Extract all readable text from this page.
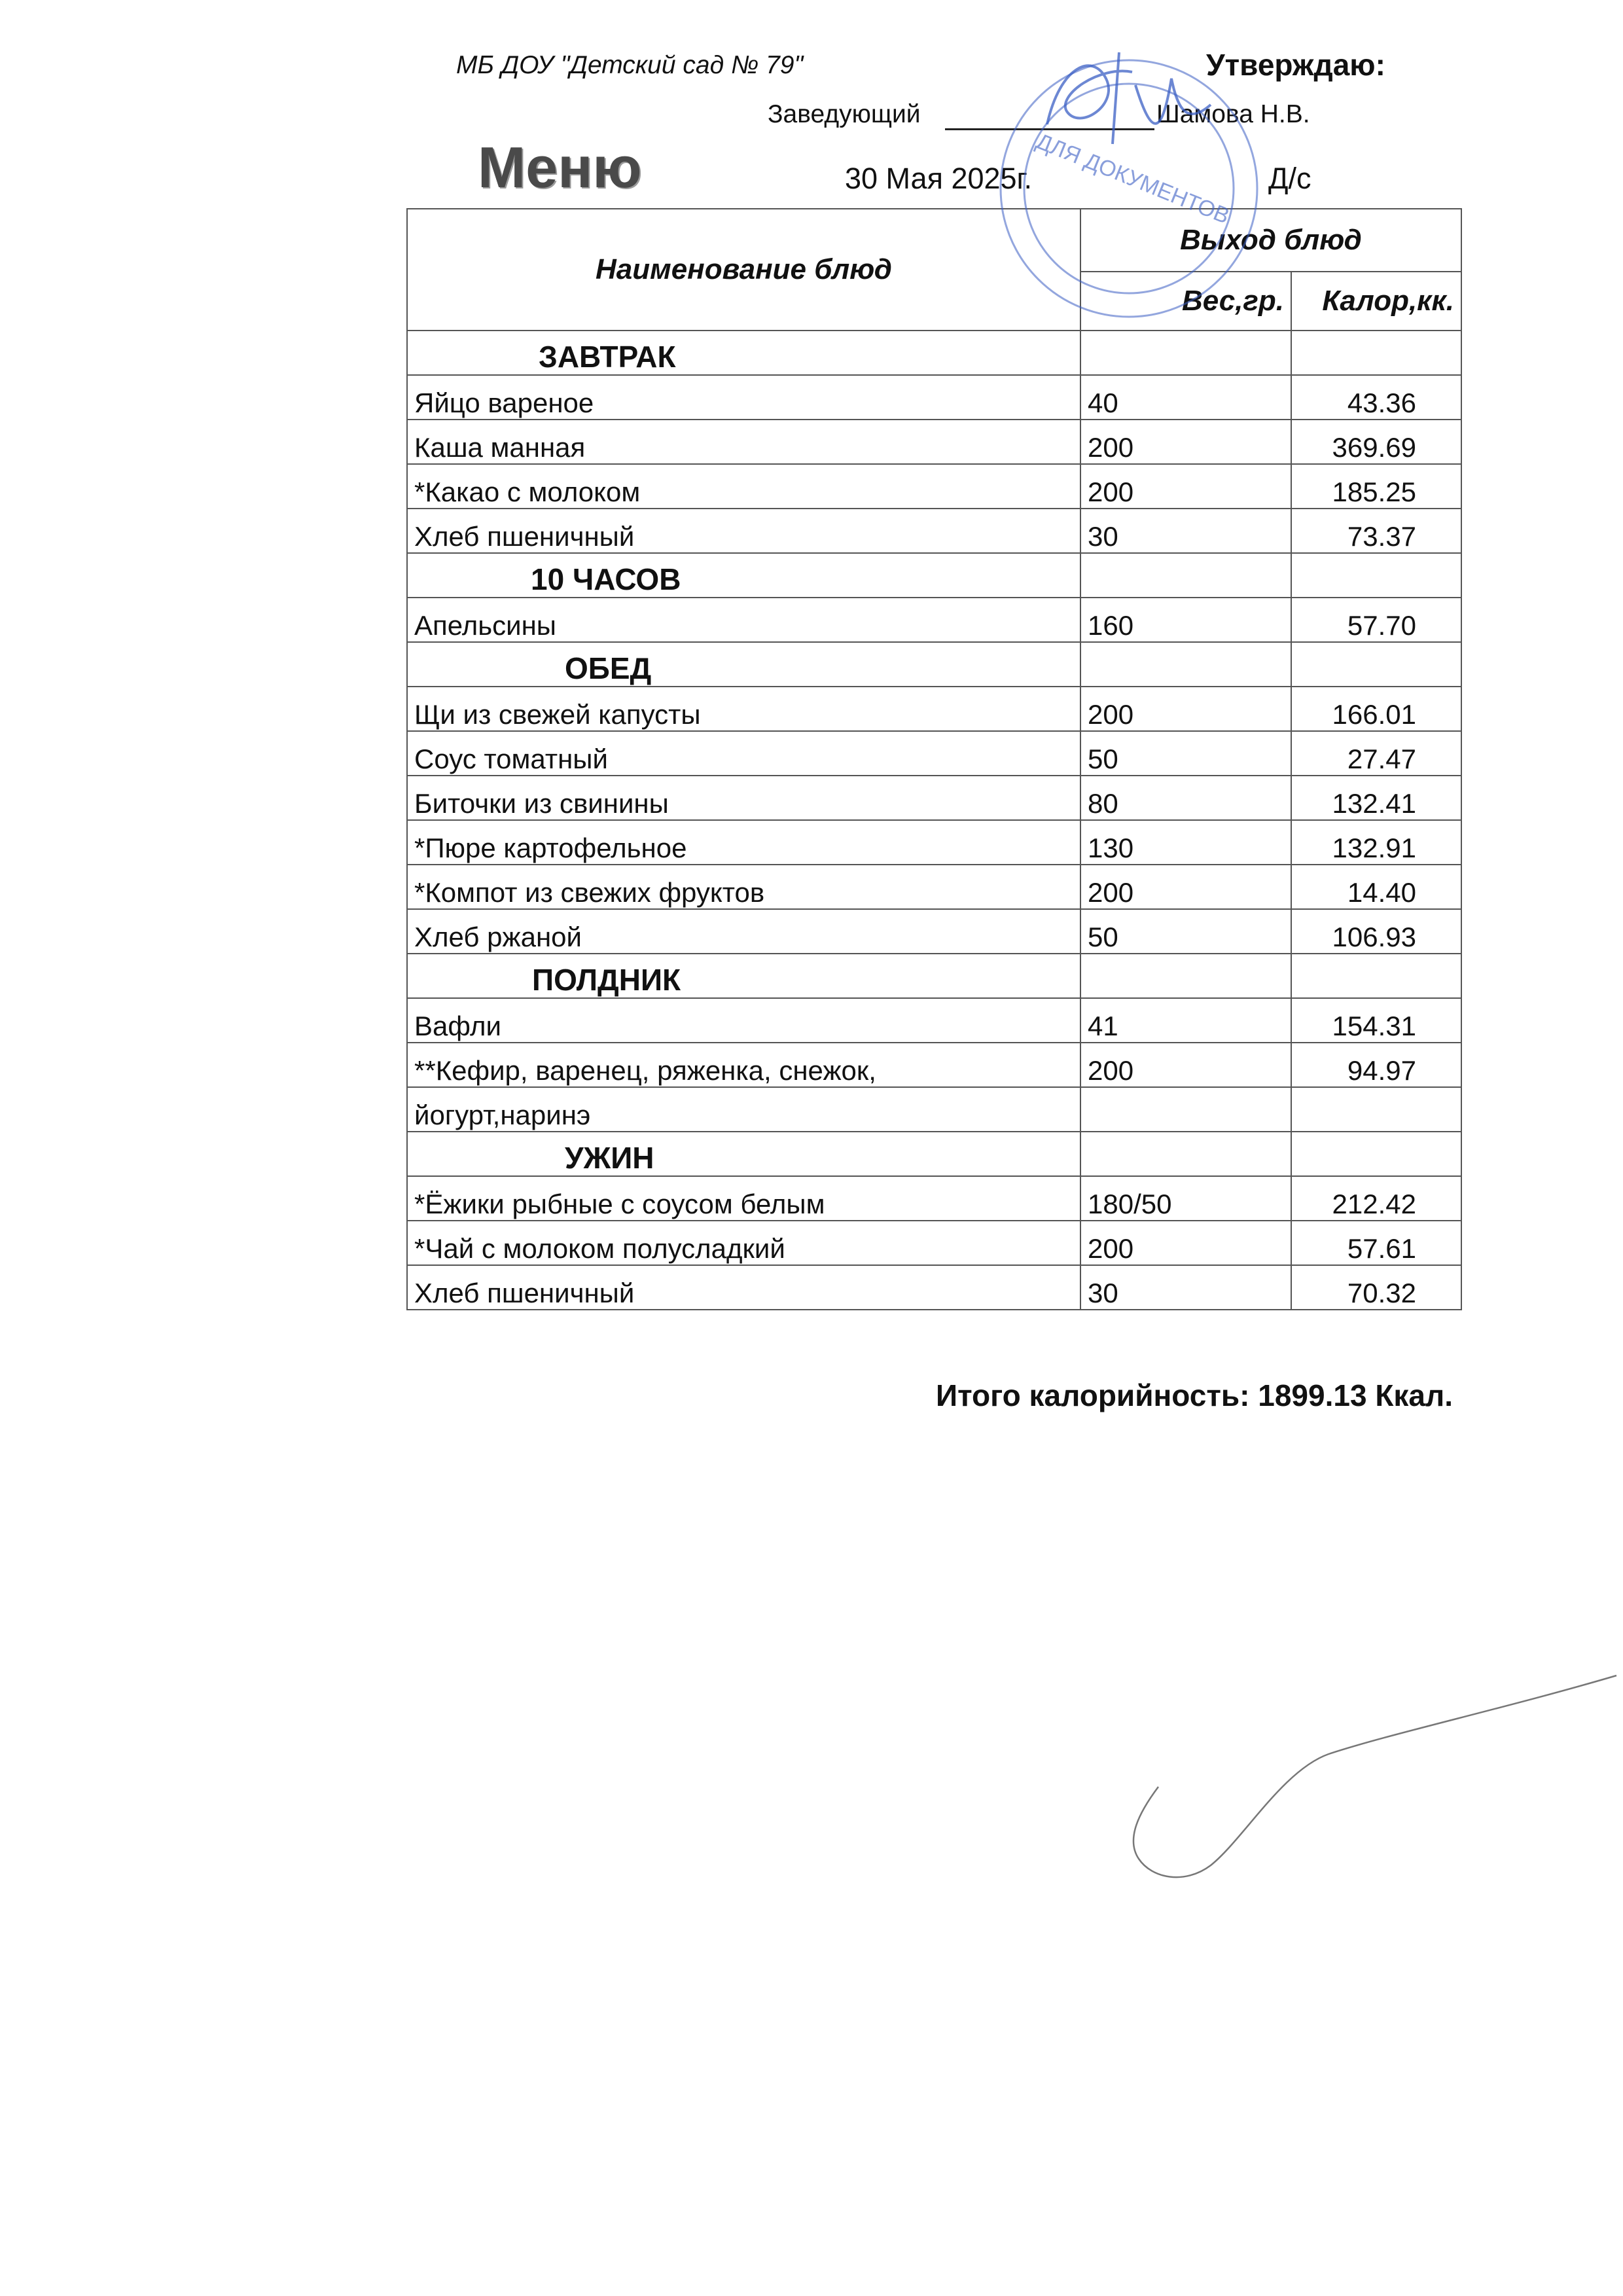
МБ ДОУ "Детский сад № 79"	Утверждаю:
Заведующий	Шамова Н.В.
Меню	30 Мая 2025г.	Д/с
Наименование блюд	Выход блюд	
	Вес,гр.	Калор,кк.
ЗАВТРАК		
Яйцо вареное	40	43.36
Каша манная	200	369.69
*Какао с молоком	200	185.25
Хлеб пшеничный	30	73.37
10 ЧАСОВ		
Апельсины	160	57.70
ОБЕД		
Щи из свежей капусты	200	166.01
Соус томатный	50	27.47
Биточки из свинины	80	132.41
*Пюре картофельное	130	132.91
*Компот из свежих фруктов	200	14.40
Хлеб ржаной	50	106.93
ПОЛДНИК		
Вафли	41	154.31
**Кефир, варенец, ряженка, снежок,	200	94.97
йогурт,наринэ		
УЖИН		
*Ёжики рыбные с соусом белым	180/50	212.42
*Чай с молоком полусладкий	200	57.61
Хлеб пшеничный	30	70.32
Итого калорийность: 1899.13 Ккал.
ДЛЯ ДОКУМЕНТОВ
